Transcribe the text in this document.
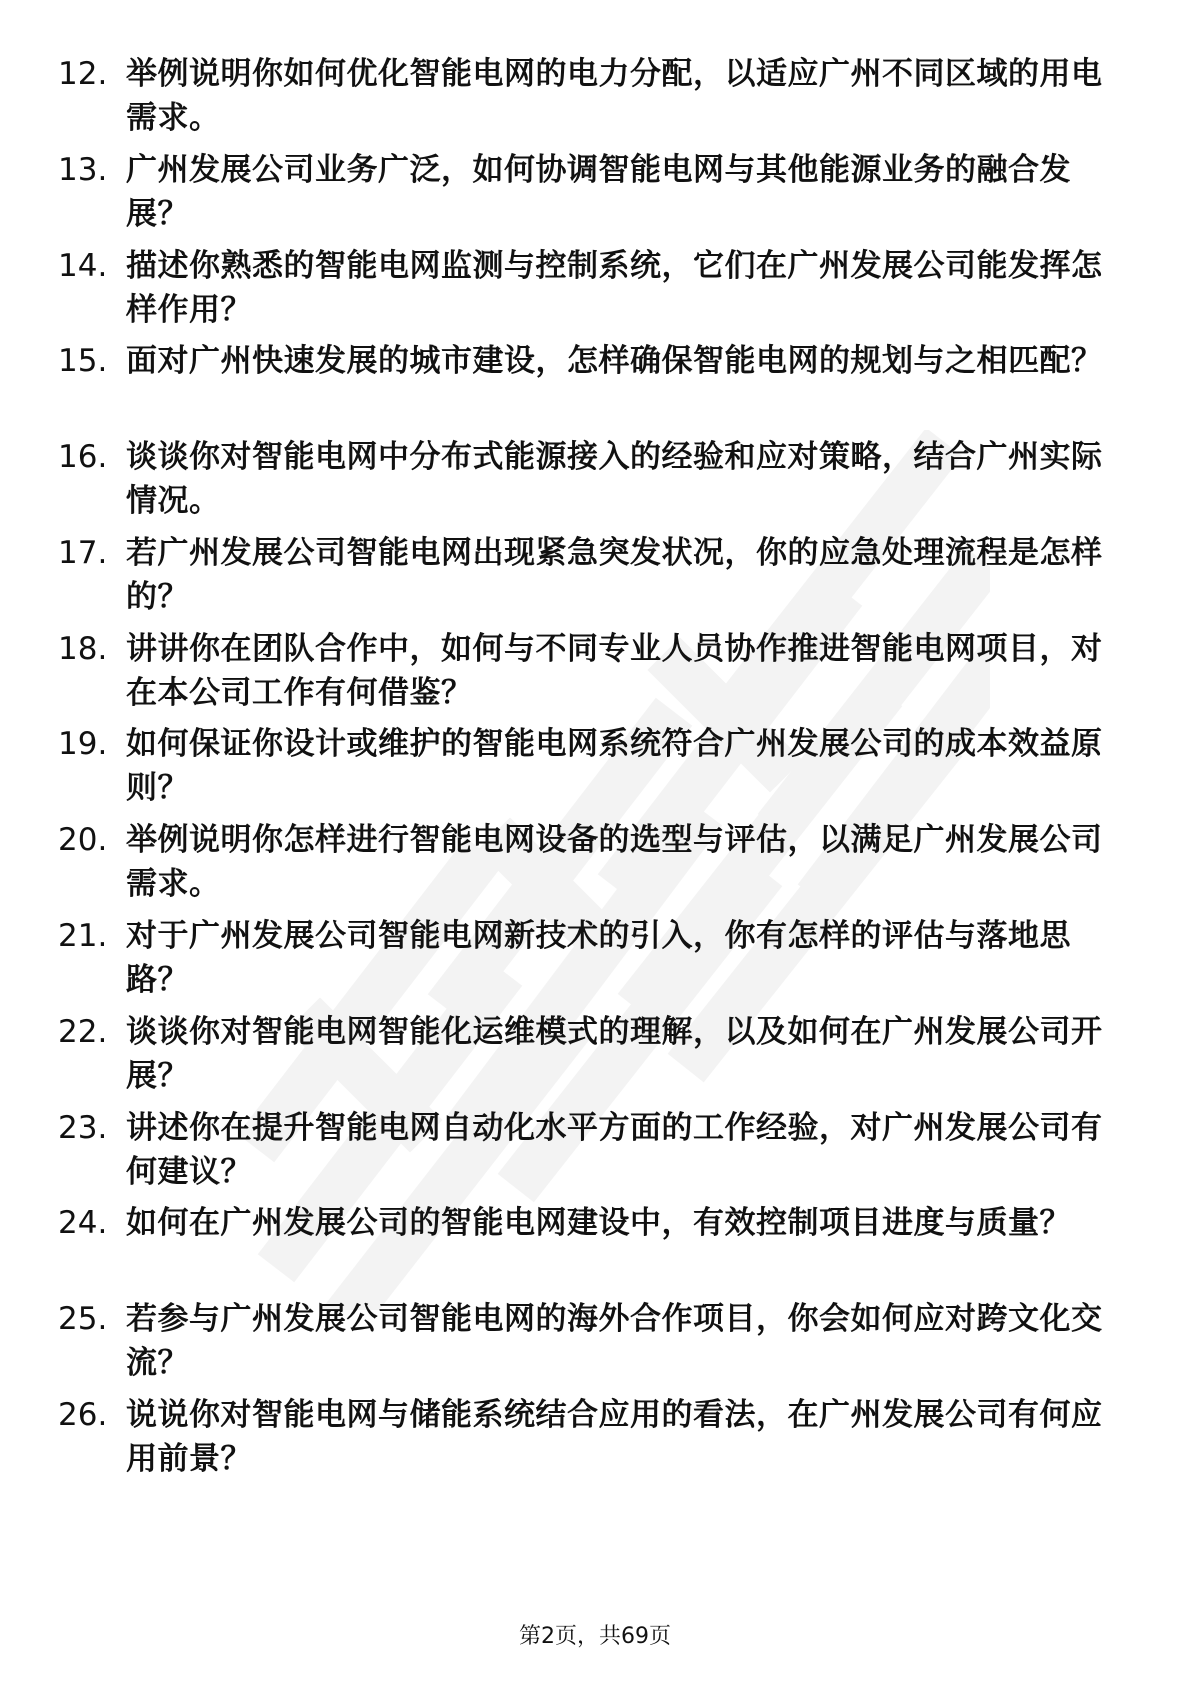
12. 举例说明你如何优化智能电网的电力分配，以适应广州不同区域的用电需求。
13. 广州发展公司业务广泛，如何协调智能电网与其他能源业务的融合发展？
14. 描述你熟悉的智能电网监测与控制系统，它们在广州发展公司能发挥怎样作用？
15. 面对广州快速发展的城市建设，怎样确保智能电网的规划与之相匹配？
16. 谈谈你对智能电网中分布式能源接入的经验和应对策略，结合广州实际情况。
17. 若广州发展公司智能电网出现紧急突发状况，你的应急处理流程是怎样的？
18. 讲讲你在团队合作中，如何与不同专业人员协作推进智能电网项目，对在本公司工作有何借鉴？
19. 如何保证你设计或维护的智能电网系统符合广州发展公司的成本效益原则？
20. 举例说明你怎样进行智能电网设备的选型与评估，以满足广州发展公司需求。
21. 对于广州发展公司智能电网新技术的引入，你有怎样的评估与落地思路？
22. 谈谈你对智能电网智能化运维模式的理解，以及如何在广州发展公司开展？
23. 讲述你在提升智能电网自动化水平方面的工作经验，对广州发展公司有何建议？
24. 如何在广州发展公司的智能电网建设中，有效控制项目进度与质量？
25. 若参与广州发展公司智能电网的海外合作项目，你会如何应对跨文化交流？
26. 说说你对智能电网与储能系统结合应用的看法，在广州发展公司有何应用前景？
第2页，共69页
